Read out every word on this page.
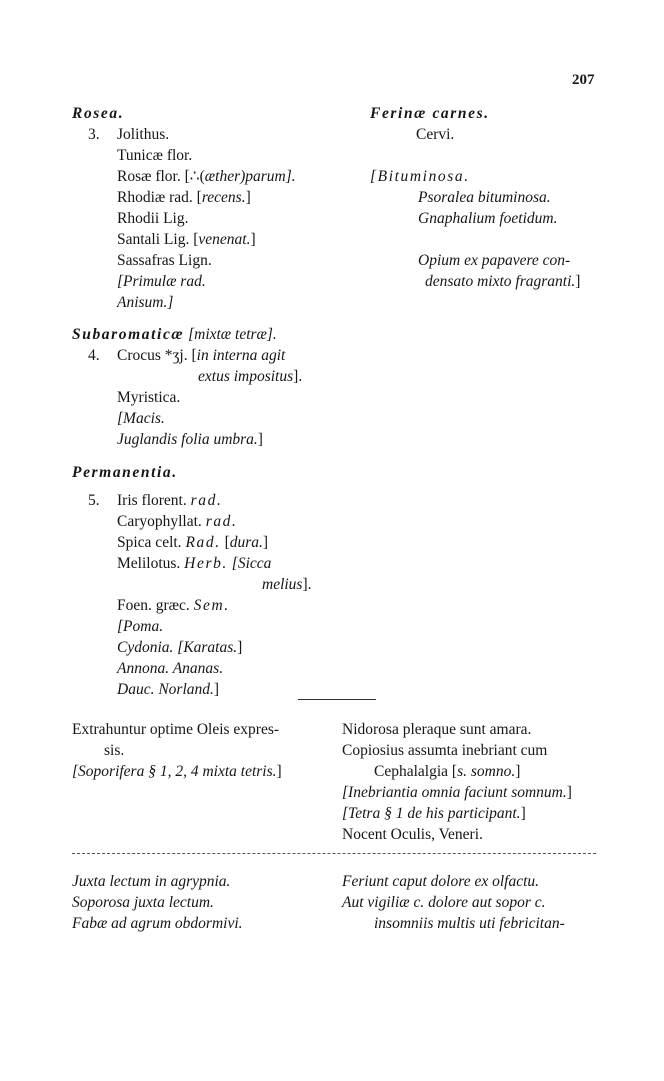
207
Rosea.
3. Jolithus.
Tunicæ flor.
Rosæ flor. [∴(æther)parum].
Rhodiæ rad. [recens.]
Rhodii Lig.
Santali Lig. [venenat.]
Sassafras Lign.
[Primulæ rad.
Anisum.]
Subaromaticæ [mixtæ tetræ].
4. Crocus *ʒj. [in interna agit
extus impositus].
Myristica.
[Macis.
Juglandis folia umbra.]
Permanentia.
5. Iris florent. rad.
Caryophyllat. rad.
Spica celt. Rad. [dura.]
Melilotus. Herb. [Sicca
melius].
Foen. græc. Sem.
[Poma.
Cydonia. [Karatas.]
Annona. Ananas.
Dauc. Norland.]
Ferinæ carnes.
Cervi.
[Bituminosa.
Psoralea bituminosa.
Gnaphalium foetidum.
Opium ex papavere con-
densato mixto fragranti.]
Extrahuntur optime Oleis expres-
sis.
[Soporifera § 1, 2, 4 mixta tetris.]
Nidorosa pleraque sunt amara.
Copiosius assumta inebriant cum
Cephalalgia [s. somno.]
[Inebriantia omnia faciunt somnum.]
[Tetra § 1 de his participant.]
Nocent Oculis, Veneri.
Juxta lectum in agrypnia.
Soporosa juxta lectum.
Fabæ ad agrum obdormivi.
Feriunt caput dolore ex olfactu.
Aut vigiliæ c. dolore aut sopor c.
insomniis multis uti febricitan-
